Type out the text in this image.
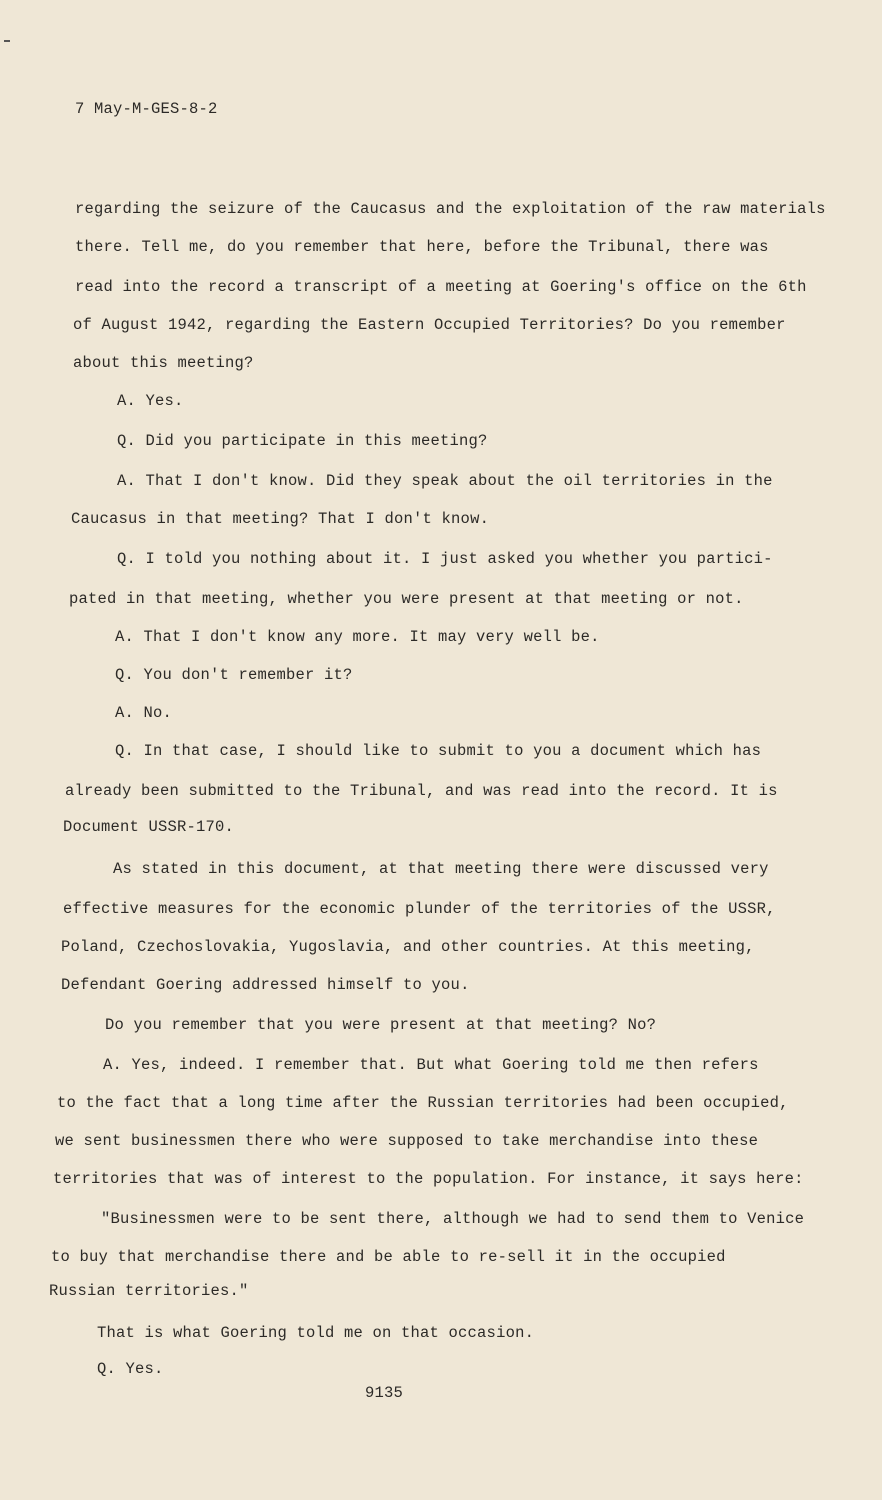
7 May-M-GES-8-2

regarding the seizure of the Caucasus and the exploitation of the raw materials

there. Tell me, do you remember that here, before the Tribunal, there was

read into the record a transcript of a meeting at Goering's office on the 6th

of August 1942, regarding the Eastern Occupied Territories? Do you remember

about this meeting?

A. Yes.

Q. Did you participate in this meeting?

A. That I don't know. Did they speak about the oil territories in the

Caucasus in that meeting? That I don't know.

Q. I told you nothing about it. I just asked you whether you partici-

pated in that meeting, whether you were present at that meeting or not.

A. That I don't know any more. It may very well be.

Q. You don't remember it?

A. No.

Q. In that case, I should like to submit to you a document which has

already been submitted to the Tribunal, and was read into the record. It is

Document USSR-170.

As stated in this document, at that meeting there were discussed very

effective measures for the economic plunder of the territories of the USSR,

Poland, Czechoslovakia, Yugoslavia, and other countries. At this meeting,

Defendant Goering addressed himself to you.

Do you remember that you were present at that meeting? No?

A. Yes, indeed. I remember that. But what Goering told me then refers

to the fact that a long time after the Russian territories had been occupied,

we sent businessmen there who were supposed to take merchandise into these

territories that was of interest to the population. For instance, it says here:

"Businessmen were to be sent there, although we had to send them to Venice

to buy that merchandise there and be able to re-sell it in the occupied

Russian territories."

That is what Goering told me on that occasion.

Q. Yes.

9135
